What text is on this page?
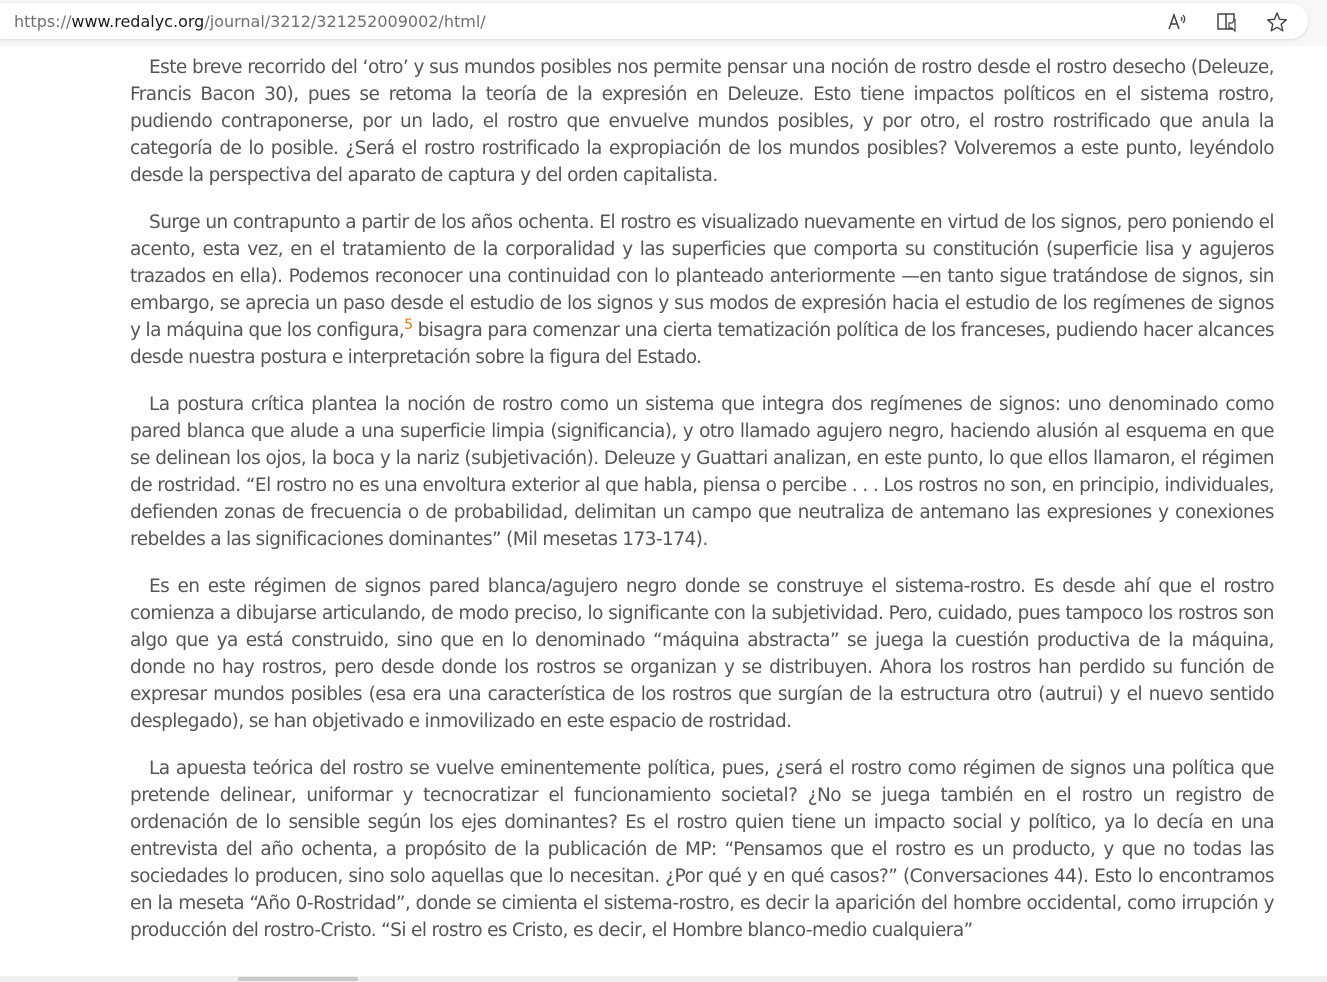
https://www.redalyc.org/journal/3212/321252009002/html/

Este breve recorrido del ‘otro’ y sus mundos posibles nos permite pensar una noción de rostro desde el rostro desecho (Deleuze, Francis Bacon 30), pues se retoma la teoría de la expresión en Deleuze. Esto tiene impactos políticos en el sistema rostro, pudiendo contraponerse, por un lado, el rostro que envuelve mundos posibles, y por otro, el rostro rostrificado que anula la categoría de lo posible. ¿Será el rostro rostrificado la expropiación de los mundos posibles? Volveremos a este punto, leyéndolo desde la perspectiva del aparato de captura y del orden capitalista.

Surge un contrapunto a partir de los años ochenta. El rostro es visualizado nuevamente en virtud de los signos, pero poniendo el acento, esta vez, en el tratamiento de la corporalidad y las superficies que comporta su constitución (superficie lisa y agujeros trazados en ella). Podemos reconocer una continuidad con lo planteado anteriormente —en tanto sigue tratándose de signos, sin embargo, se aprecia un paso desde el estudio de los signos y sus modos de expresión hacia el estudio de los regímenes de signos y la máquina que los configura,$^5$ bisagra para comenzar una cierta tematización política de los franceses, pudiendo hacer alcances desde nuestra postura e interpretación sobre la figura del Estado.

La postura crítica plantea la noción de rostro como un sistema que integra dos regímenes de signos: uno denominado como pared blanca que alude a una superficie limpia (significancia), y otro llamado agujero negro, haciendo alusión al esquema en que se delinean los ojos, la boca y la nariz (subjetivación). Deleuze y Guattari analizan, en este punto, lo que ellos llamaron, el régimen de rostridad. “El rostro no es una envoltura exterior al que habla, piensa o percibe . . . Los rostros no son, en principio, individuales, defienden zonas de frecuencia o de probabilidad, delimitan un campo que neutraliza de antemano las expresiones y conexiones rebeldes a las significaciones dominantes” (Mil mesetas 173-174).

Es en este régimen de signos pared blanca/agujero negro donde se construye el sistema-rostro. Es desde ahí que el rostro comienza a dibujarse articulando, de modo preciso, lo significante con la subjetividad. Pero, cuidado, pues tampoco los rostros son algo que ya está construido, sino que en lo denominado “máquina abstracta” se juega la cuestión productiva de la máquina, donde no hay rostros, pero desde donde los rostros se organizan y se distribuyen. Ahora los rostros han perdido su función de expresar mundos posibles (esa era una característica de los rostros que surgían de la estructura otro (autrui) y el nuevo sentido desplegado), se han objetivado e inmovilizado en este espacio de rostridad.

La apuesta teórica del rostro se vuelve eminentemente política, pues, ¿será el rostro como régimen de signos una política que pretende delinear, uniformar y tecnocratizar el funcionamiento societal? ¿No se juega también en el rostro un registro de ordenación de lo sensible según los ejes dominantes? Es el rostro quien tiene un impacto social y político, ya lo decía en una entrevista del año ochenta, a propósito de la publicación de MP: “Pensamos que el rostro es un producto, y que no todas las sociedades lo producen, sino solo aquellas que lo necesitan. ¿Por qué y en qué casos?” (Conversaciones 44). Esto lo encontramos en la meseta “Año 0-Rostridad”, donde se cimienta el sistema-rostro, es decir la aparición del hombre occidental, como irrupción y producción del rostro-Cristo. “Si el rostro es Cristo, es decir, el Hombre blanco-medio cualquiera”
